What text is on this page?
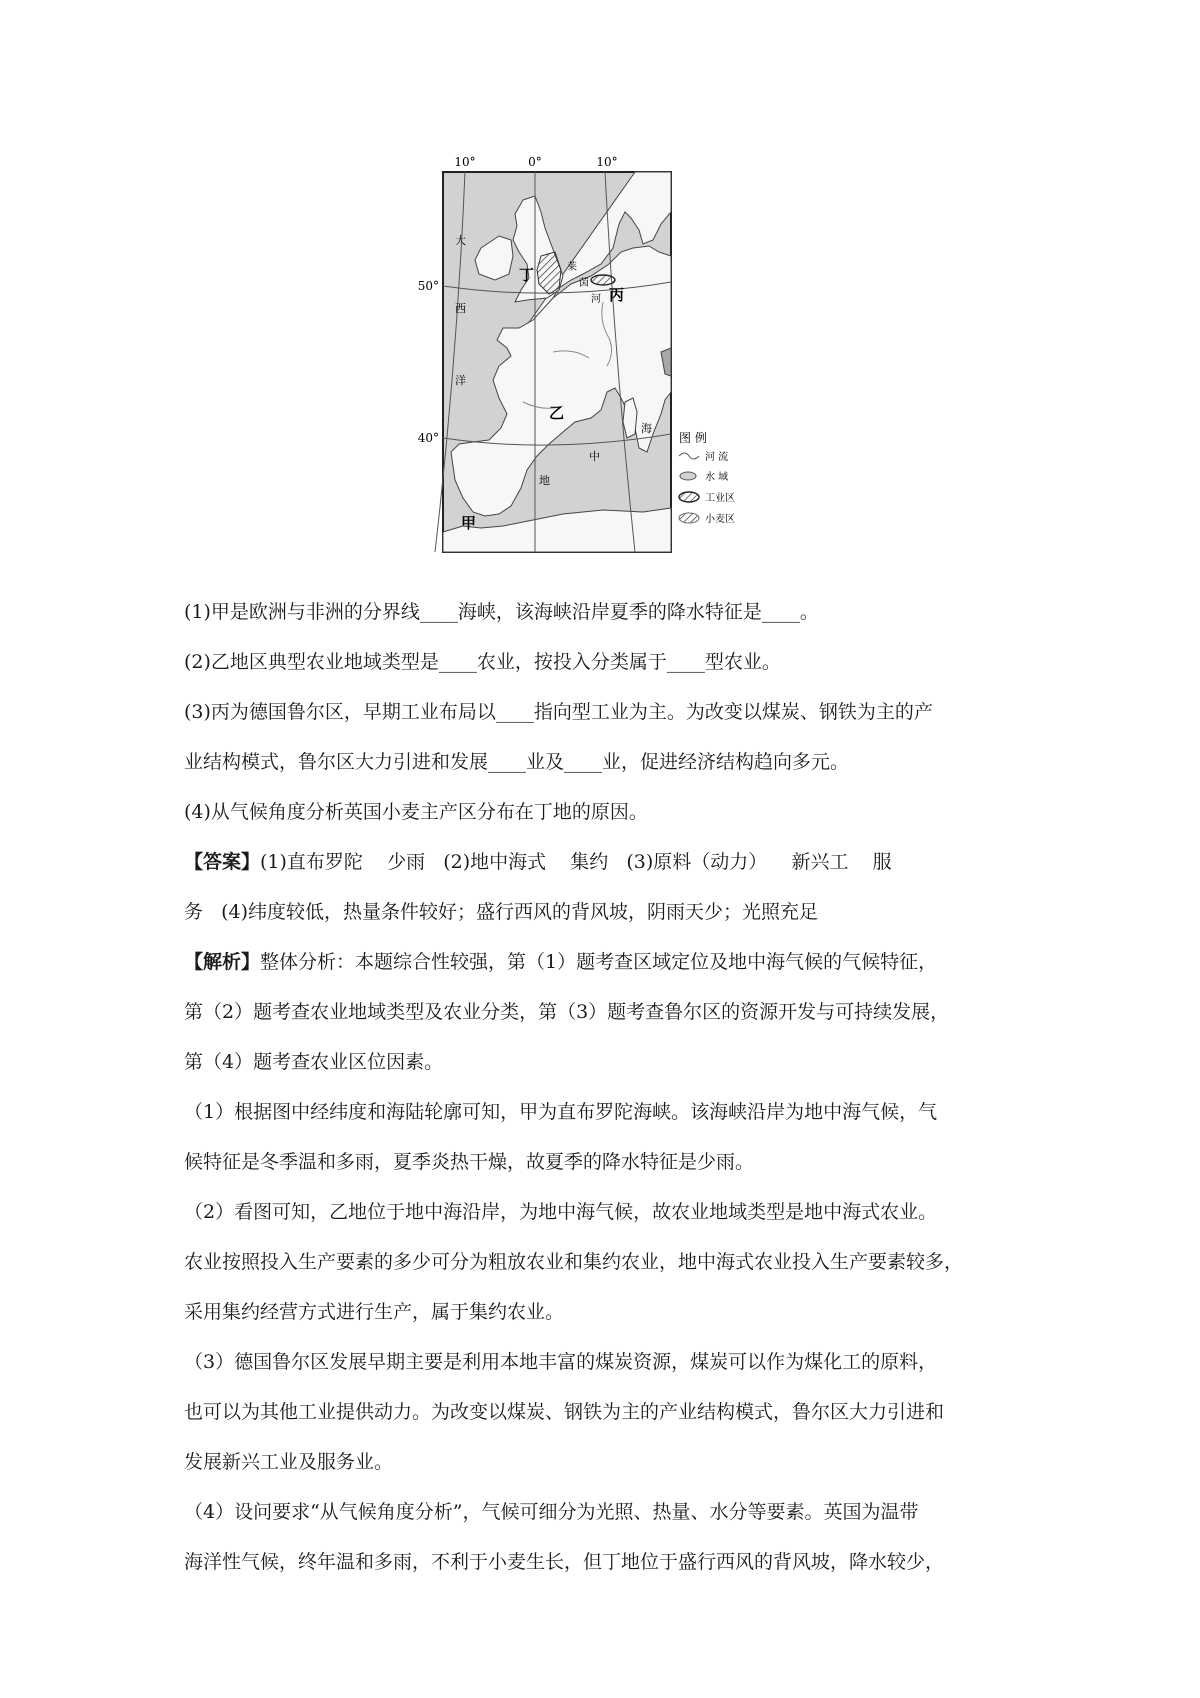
10°	0°	10°
50°
40°
大
西
洋
地
中
海
莱
茵
河
甲
乙
丙
丁
图 例
河 流
水 域
工业区
小麦区

(1)甲是欧洲与非洲的分界线____海峡，该海峡沿岸夏季的降水特征是____。

(2)乙地区典型农业地域类型是____农业，按投入分类属于____型农业。

(3)丙为德国鲁尔区，早期工业布局以____指向型工业为主。为改变以煤炭、钢铁为主的产

业结构模式，鲁尔区大力引进和发展____业及____业，促进经济结构趋向多元。

(4)从气候角度分析英国小麦主产区分布在丁地的原因。

【答案】(1)直布罗陀    少雨   (2)地中海式    集约   (3)原料（动力）    新兴工    服

务   (4)纬度较低，热量条件较好；盛行西风的背风坡，阴雨天少；光照充足

【解析】整体分析：本题综合性较强，第（1）题考查区域定位及地中海气候的气候特征，

第（2）题考查农业地域类型及农业分类，第（3）题考查鲁尔区的资源开发与可持续发展，

第（4）题考查农业区位因素。

（1）根据图中经纬度和海陆轮廓可知，甲为直布罗陀海峡。该海峡沿岸为地中海气候，气

候特征是冬季温和多雨，夏季炎热干燥，故夏季的降水特征是少雨。

（2）看图可知，乙地位于地中海沿岸，为地中海气候，故农业地域类型是地中海式农业。

农业按照投入生产要素的多少可分为粗放农业和集约农业，地中海式农业投入生产要素较多，

采用集约经营方式进行生产，属于集约农业。

（3）德国鲁尔区发展早期主要是利用本地丰富的煤炭资源，煤炭可以作为煤化工的原料，

也可以为其他工业提供动力。为改变以煤炭、钢铁为主的产业结构模式，鲁尔区大力引进和

发展新兴工业及服务业。

（4）设问要求“从气候角度分析”，气候可细分为光照、热量、水分等要素。英国为温带

海洋性气候，终年温和多雨，不利于小麦生长，但丁地位于盛行西风的背风坡，降水较少，
